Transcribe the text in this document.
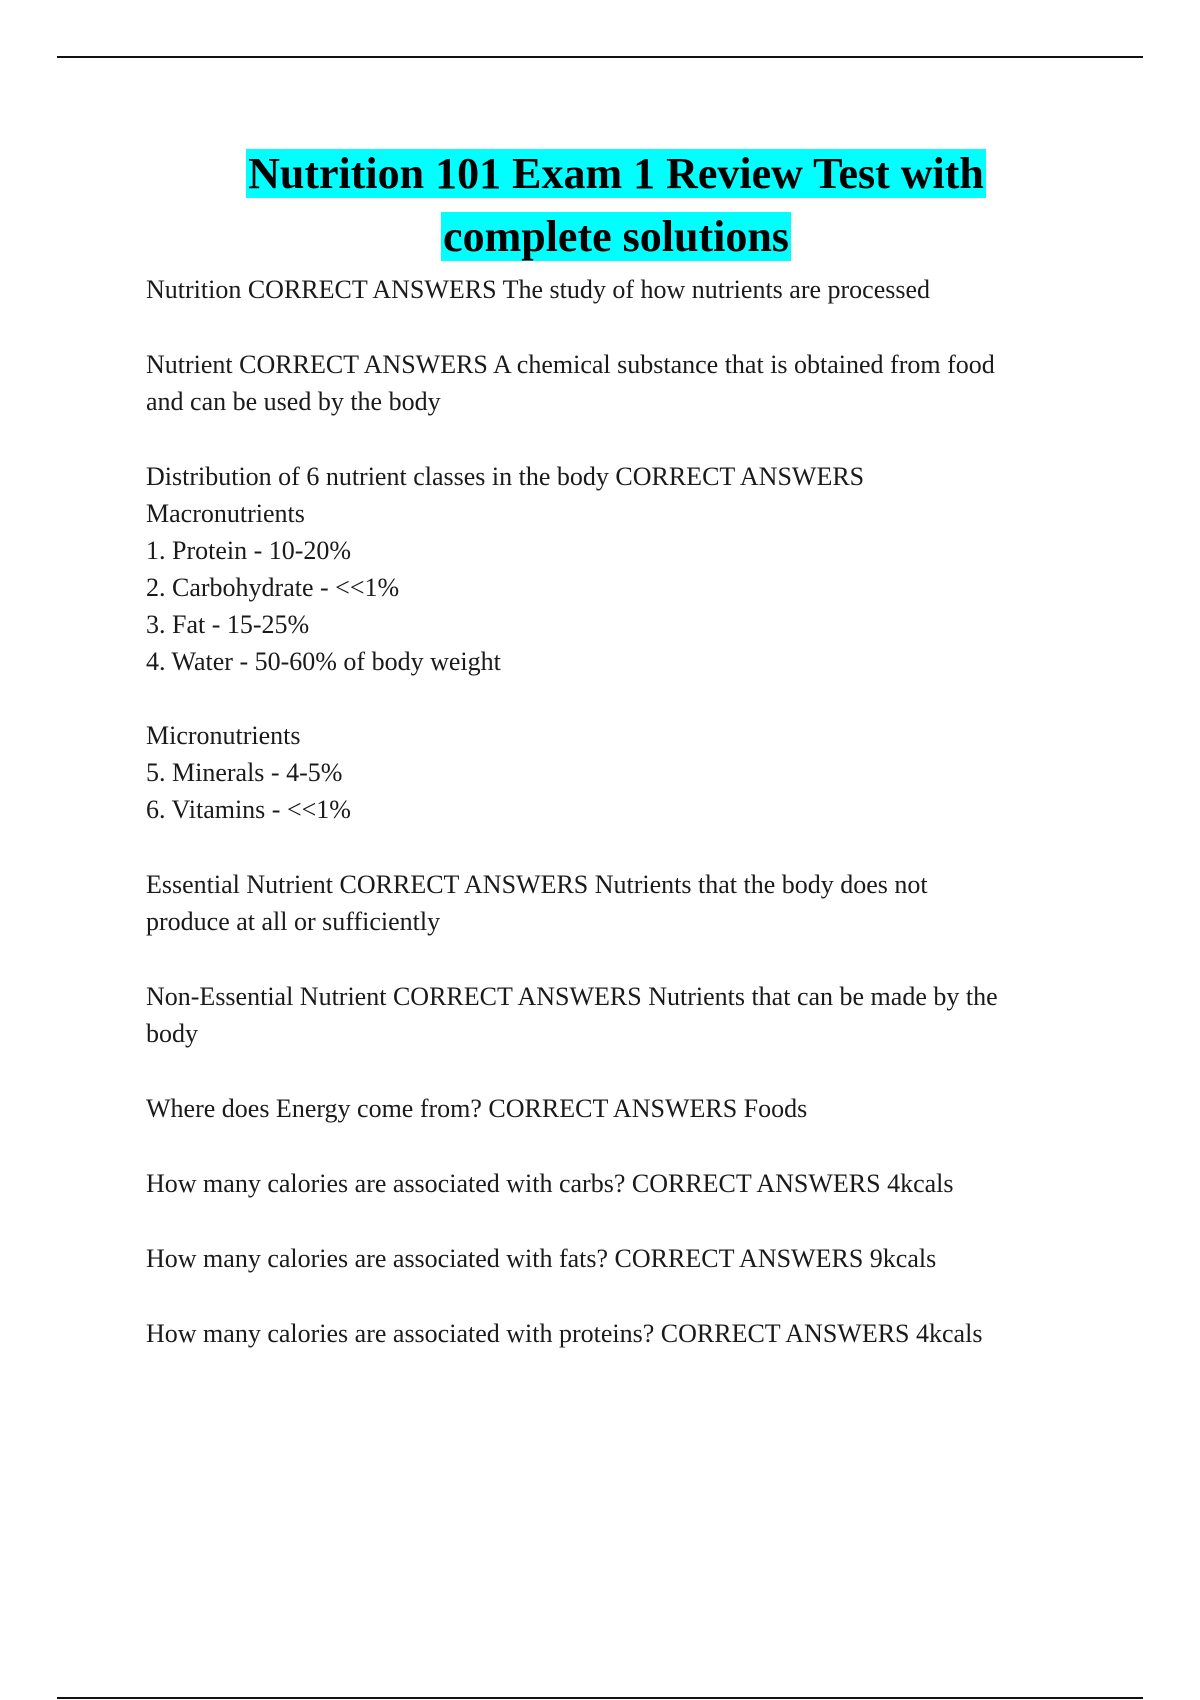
Nutrition 101 Exam 1 Review Test with
complete solutions
Nutrition CORRECT ANSWERS The study of how nutrients are processed
Nutrient CORRECT ANSWERS A chemical substance that is obtained from food
and can be used by the body
Distribution of 6 nutrient classes in the body CORRECT ANSWERS
Macronutrients
1. Protein - 10-20%
2. Carbohydrate - <<1%
3. Fat - 15-25%
4. Water - 50-60% of body weight
Micronutrients
5. Minerals - 4-5%
6. Vitamins - <<1%
Essential Nutrient CORRECT ANSWERS Nutrients that the body does not
produce at all or sufficiently
Non-Essential Nutrient CORRECT ANSWERS Nutrients that can be made by the
body
Where does Energy come from? CORRECT ANSWERS Foods
How many calories are associated with carbs? CORRECT ANSWERS 4kcals
How many calories are associated with fats? CORRECT ANSWERS 9kcals
How many calories are associated with proteins? CORRECT ANSWERS 4kcals
